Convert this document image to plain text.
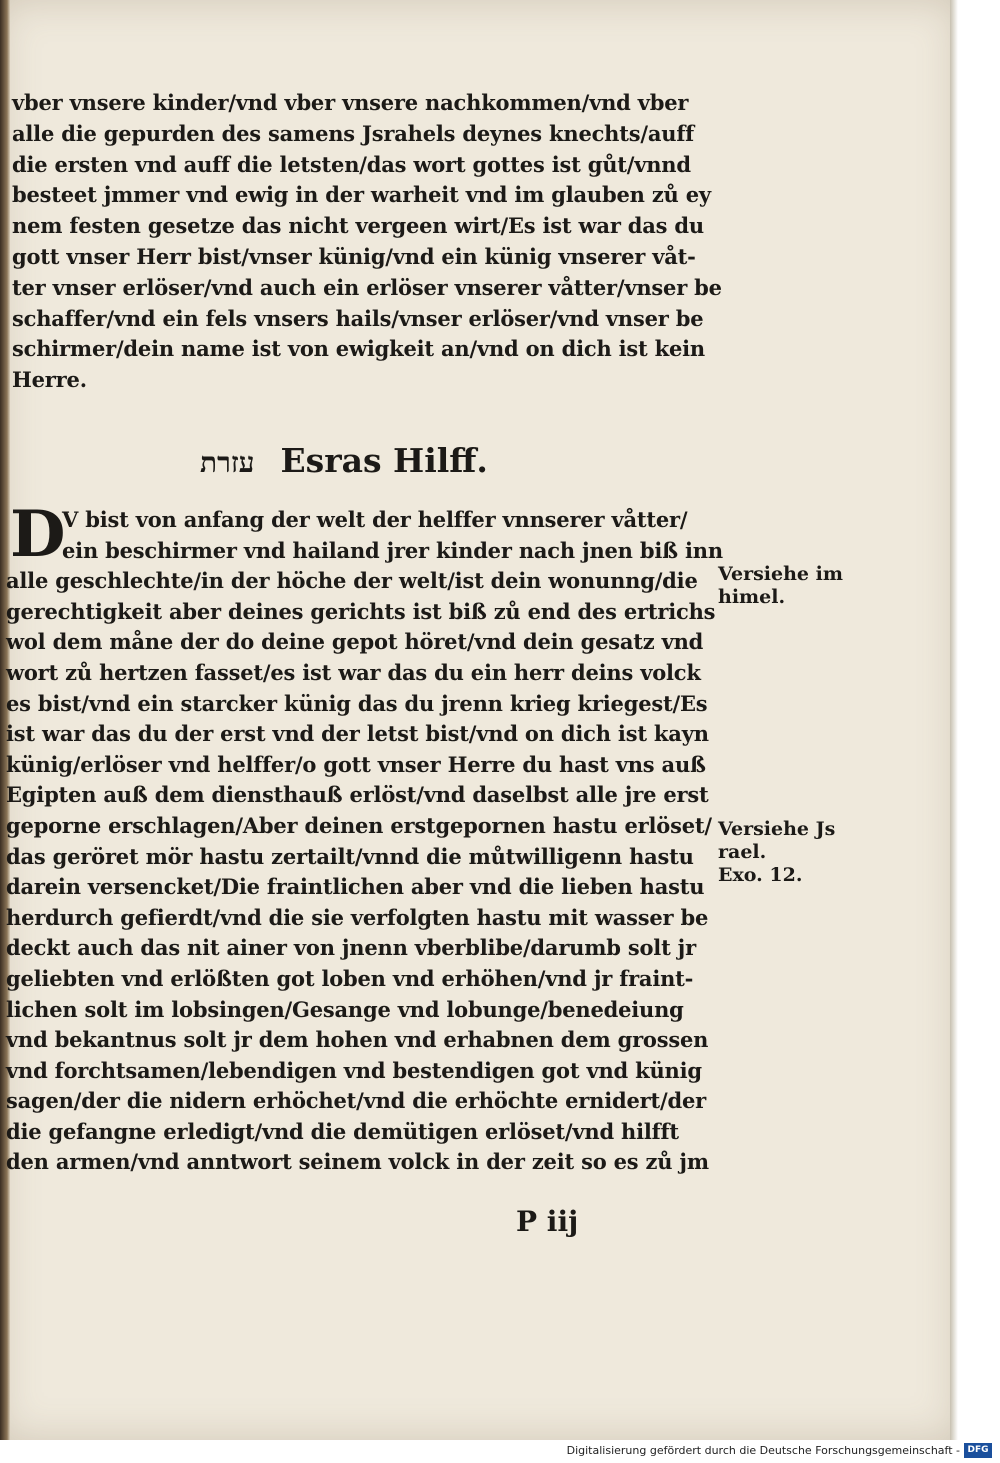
vber vnsere kinder/vnd vber vnsere nachkommen/vnd vber
alle die gepurden des samens Jsrahels deynes knechts/auff
die ersten vnd auff die letsten/das wort gottes ist gůt/vnnd
besteet jmmer vnd ewig in der warheit vnd im glauben zů ey
nem festen gesetze das nicht vergeen wirt/Es ist war das du
gott vnser Herr bist/vnser künig/vnd ein künig vnserer våt-
ter vnser erlöser/vnd auch ein erlöser vnserer våtter/vnser be
schaffer/vnd ein fels vnsers hails/vnser erlöser/vnd vnser be
schirmer/dein name ist von ewigkeit an/vnd on dich ist kein
Herre.
עזרת Esras Hilff.
D
V bist von anfang der welt der helffer vnnserer våtter/
ein beschirmer vnd hailand jrer kinder nach jnen biß inn
alle geschlechte/in der höche der welt/ist dein wonunng/die
gerechtigkeit aber deines gerichts ist biß zů end des ertrichs
wol dem måne der do deine gepot höret/vnd dein gesatz vnd
wort zů hertzen fasset/es ist war das du ein herr deins volck
es bist/vnd ein starcker künig das du jrenn krieg kriegest/Es
ist war das du der erst vnd der letst bist/vnd on dich ist kayn
künig/erlöser vnd helffer/o gott vnser Herre du hast vns auß
Egipten auß dem diensthauß erlöst/vnd daselbst alle jre erst
geporne erschlagen/Aber deinen erstgepornen hastu erlöset/
das geröret mör hastu zertailt/vnnd die můtwilligenn hastu
darein versencket/Die fraintlichen aber vnd die lieben hastu
herdurch gefierdt/vnd die sie verfolgten hastu mit wasser be
deckt auch das nit ainer von jnenn vberblibe/darumb solt jr
geliebten vnd erlößten got loben vnd erhöhen/vnd jr fraint-
lichen solt im lobsingen/Gesange vnd lobunge/benedeiung
vnd bekantnus solt jr dem hohen vnd erhabnen dem grossen
vnd forchtsamen/lebendigen vnd bestendigen got vnd künig
sagen/der die nidern erhöchet/vnd die erhöchte ernidert/der
die gefangne erledigt/vnd die demütigen erlöset/vnd hilfft
den armen/vnd anntwort seinem volck in der zeit so es zů jm
Versiehe im
himel.
Versiehe Js
rael.
Exo. 12.
P iij
Digitalisierung gefördert durch die Deutsche Forschungsgemeinschaft - DFG
